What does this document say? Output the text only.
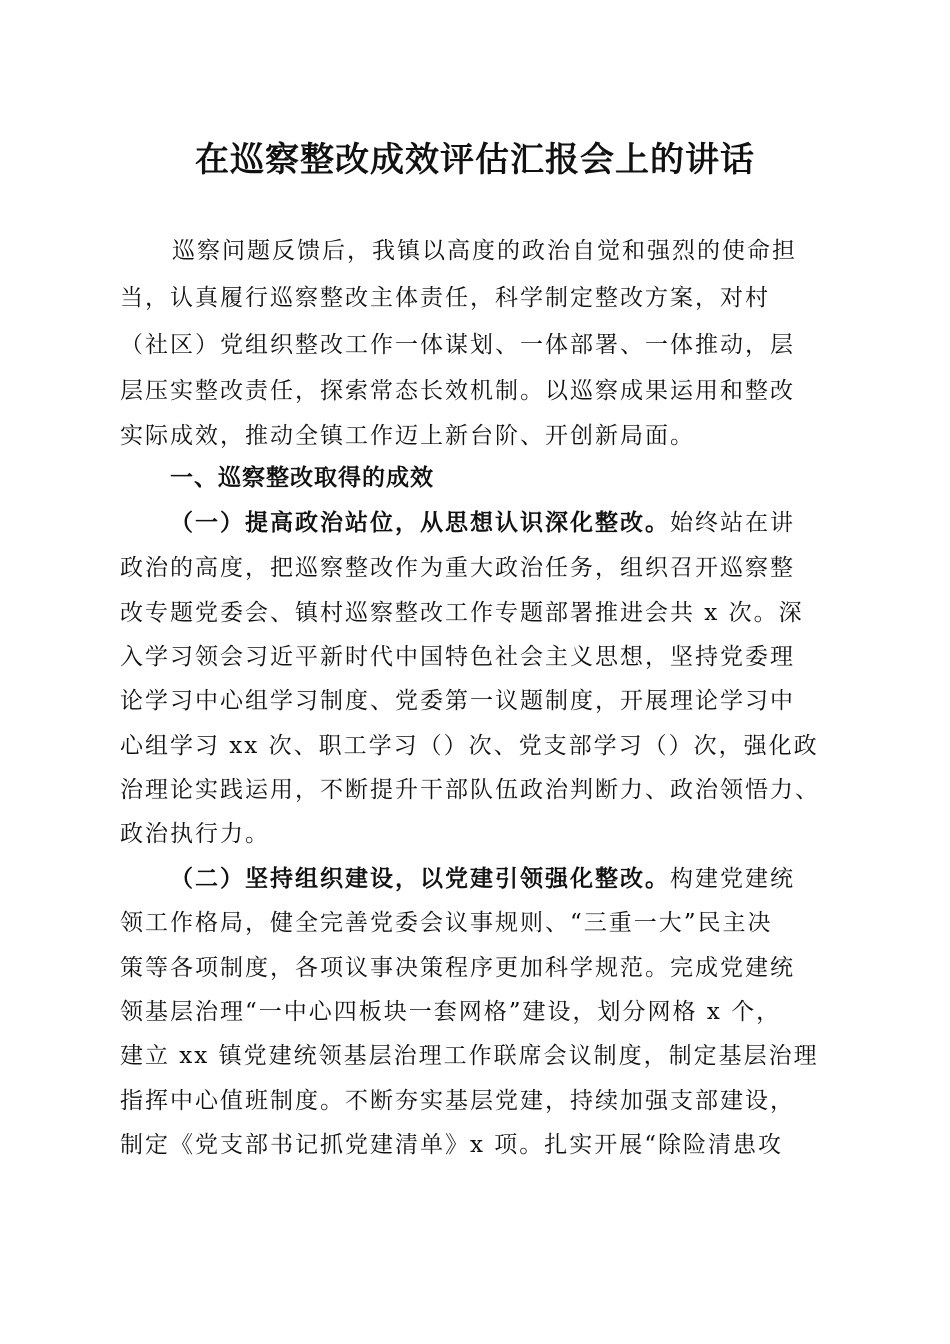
在巡察整改成效评估汇报会上的讲话
巡察问题反馈后，我镇以高度的政治自觉和强烈的使命担
当，认真履行巡察整改主体责任，科学制定整改方案，对村
（社区）党组织整改工作一体谋划、一体部署、一体推动，层
层压实整改责任，探索常态长效机制。以巡察成果运用和整改
实际成效，推动全镇工作迈上新台阶、开创新局面。
一、巡察整改取得的成效
（一）提高政治站位，从思想认识深化整改。始终站在讲
政治的高度，把巡察整改作为重大政治任务，组织召开巡察整
改专题党委会、镇村巡察整改工作专题部署推进会共 x 次。深
入学习领会习近平新时代中国特色社会主义思想，坚持党委理
论学习中心组学习制度、党委第一议题制度，开展理论学习中
心组学习 xx 次、职工学习（）次、党支部学习（）次，强化政
治理论实践运用，不断提升干部队伍政治判断力、政治领悟力、
政治执行力。
（二）坚持组织建设，以党建引领强化整改。构建党建统
领工作格局，健全完善党委会议事规则、“三重一大”民主决
策等各项制度，各项议事决策程序更加科学规范。完成党建统
领基层治理“一中心四板块一套网格”建设，划分网格 x 个，
建立 xx 镇党建统领基层治理工作联席会议制度，制定基层治理
指挥中心值班制度。不断夯实基层党建，持续加强支部建设，
制定《党支部书记抓党建清单》x 项。扎实开展“除险清患攻
